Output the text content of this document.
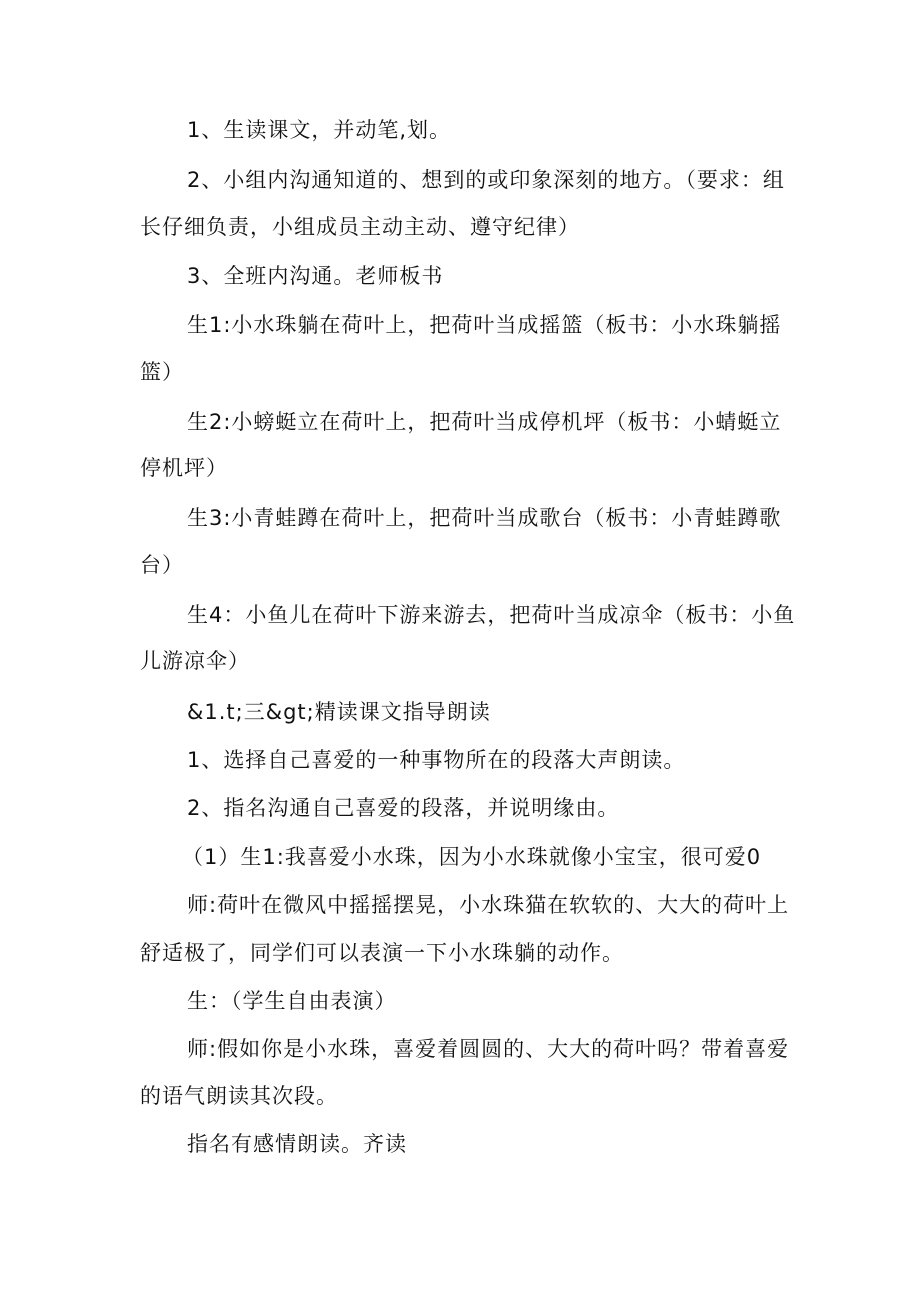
1、生读课文，并动笔,划。
2、小组内沟通知道的、想到的或印象深刻的地方。（要求：组
长仔细负责，小组成员主动主动、遵守纪律）
3、全班内沟通。老师板书
生1:小水珠躺在荷叶上，把荷叶当成摇篮（板书：小水珠躺摇
篮）
生2:小螃蜓立在荷叶上，把荷叶当成停机坪（板书：小蜻蜓立
停机坪）
生3:小青蛙蹲在荷叶上，把荷叶当成歌台（板书：小青蛙蹲歌
台）
生4：小鱼儿在荷叶下游来游去，把荷叶当成凉伞（板书：小鱼
儿游凉伞）
&1.t;三&gt;精读课文指导朗读
1、选择自己喜爱的一种事物所在的段落大声朗读。
2、指名沟通自己喜爱的段落，并说明缘由。
（1）生1:我喜爱小水珠，因为小水珠就像小宝宝，很可爱0
师:荷叶在微风中摇摇摆晃，小水珠猫在软软的、大大的荷叶上
舒适极了，同学们可以表演一下小水珠躺的动作。
生：（学生自由表演）
师:假如你是小水珠，喜爱着圆圆的、大大的荷叶吗？带着喜爱
的语气朗读其次段。
指名有感情朗读。齐读
